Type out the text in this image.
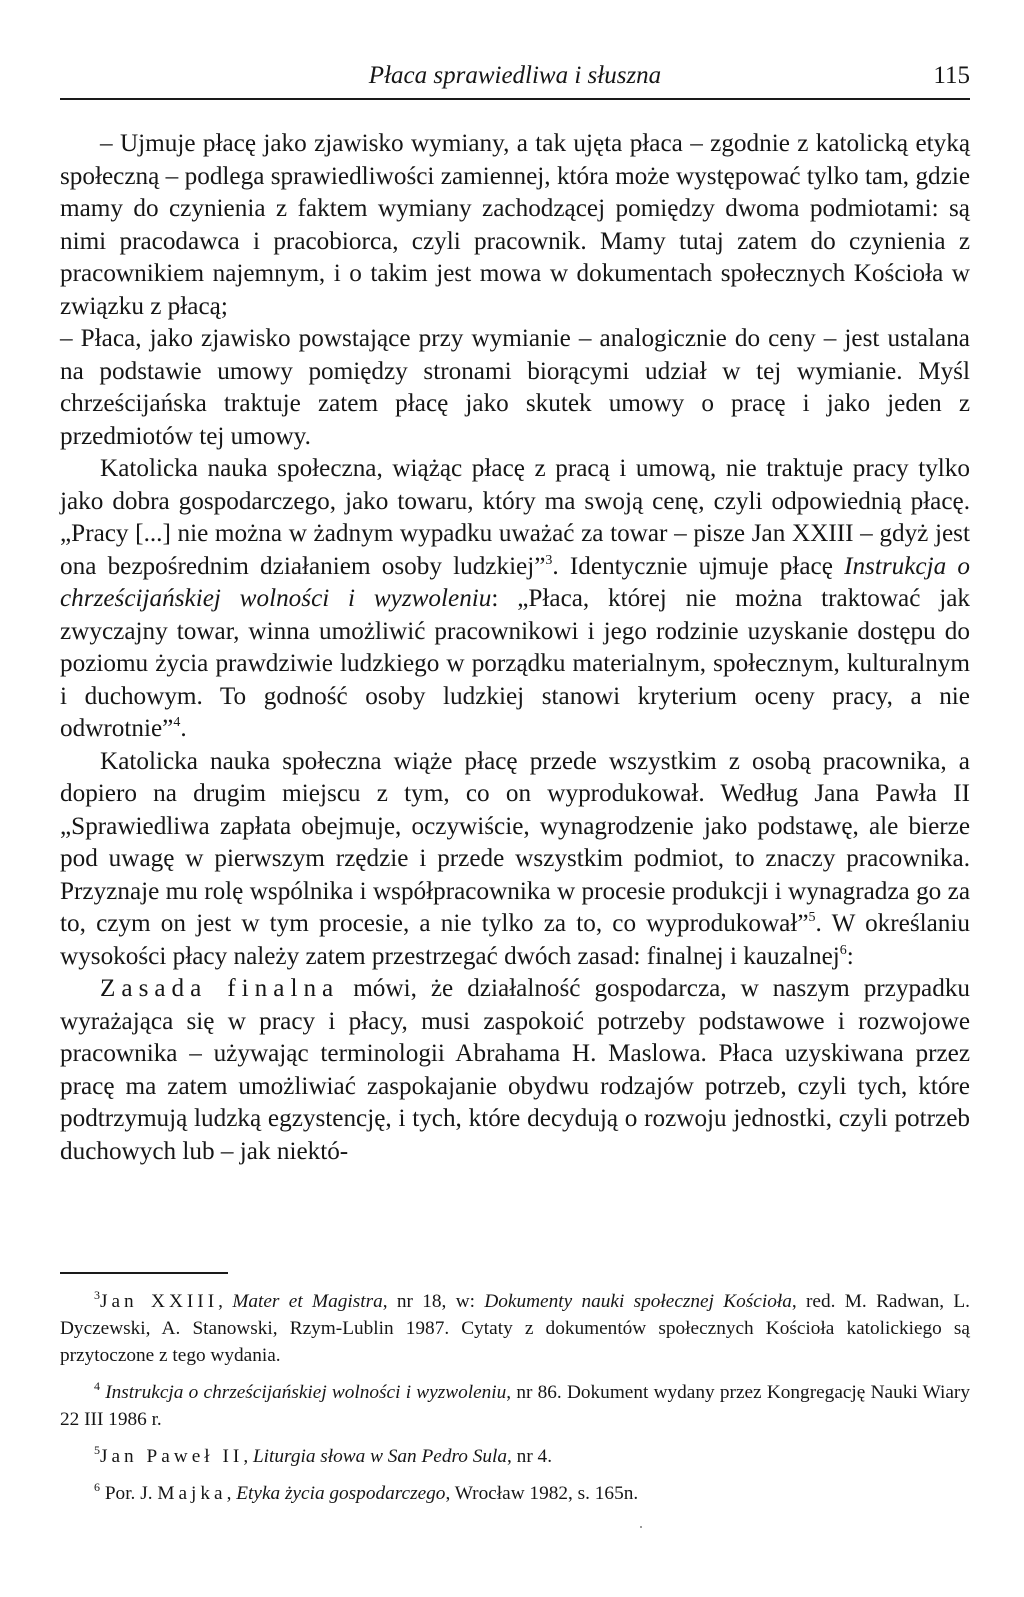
Płaca sprawiedliwa i słuszna	115

– Ujmuje płacę jako zjawisko wymiany, a tak ujęta płaca – zgodnie z katolicką etyką społeczną – podlega sprawiedliwości zamiennej, która może występować tylko tam, gdzie mamy do czynienia z faktem wymiany zachodzącej pomiędzy dwoma podmiotami: są nimi pracodawca i pracobiorca, czyli pracownik. Mamy tutaj zatem do czynienia z pracownikiem najemnym, i o takim jest mowa w dokumentach społecznych Kościoła w związku z płacą;

– Płaca, jako zjawisko powstające przy wymianie – analogicznie do ceny – jest ustalana na podstawie umowy pomiędzy stronami biorącymi udział w tej wymianie. Myśl chrześcijańska traktuje zatem płacę jako skutek umowy o pracę i jako jeden z przedmiotów tej umowy.

Katolicka nauka społeczna, wiążąc płacę z pracą i umową, nie traktuje pracy tylko jako dobra gospodarczego, jako towaru, który ma swoją cenę, czyli odpowiednią płacę. „Pracy [...] nie można w żadnym wypadku uważać za towar – pisze Jan XXIII – gdyż jest ona bezpośrednim działaniem osoby ludzkiej”$^3$. Identycznie ujmuje płacę Instrukcja o chrześcijańskiej wolności i wyzwoleniu: „Płaca, której nie można traktować jak zwyczajny towar, winna umożliwić pracownikowi i jego rodzinie uzyskanie dostępu do poziomu życia prawdziwie ludzkiego w porządku materialnym, społecznym, kulturalnym i duchowym. To godność osoby ludzkiej stanowi kryterium oceny pracy, a nie odwrotnie”$^4$.

Katolicka nauka społeczna wiąże płacę przede wszystkim z osobą pracownika, a dopiero na drugim miejscu z tym, co on wyprodukował. Według Jana Pawła II „Sprawiedliwa zapłata obejmuje, oczywiście, wynagrodzenie jako podstawę, ale bierze pod uwagę w pierwszym rzędzie i przede wszystkim podmiot, to znaczy pracownika. Przyznaje mu rolę wspólnika i współpracownika w procesie produkcji i wynagradza go za to, czym on jest w tym procesie, a nie tylko za to, co wyprodukował”$^5$. W określaniu wysokości płacy należy zatem przestrzegać dwóch zasad: finalnej i kauzalnej$^6$:

Zasada finalna mówi, że działalność gospodarcza, w naszym przypadku wyrażająca się w pracy i płacy, musi zaspokoić potrzeby podstawowe i rozwojowe pracownika – używając terminologii Abrahama H. Maslowa. Płaca uzyskiwana przez pracę ma zatem umożliwiać zaspokajanie obydwu rodzajów potrzeb, czyli tych, które podtrzymują ludzką egzystencję, i tych, które decydują o rozwoju jednostki, czyli potrzeb duchowych lub – jak niektó-

$^3$Jan XXIII, Mater et Magistra, nr 18, w: Dokumenty nauki społecznej Kościoła, red. M. Radwan, L. Dyczewski, A. Stanowski, Rzym-Lublin 1987. Cytaty z dokumentów społecznych Kościoła katolickiego są przytoczone z tego wydania.

$^4$ Instrukcja o chrześcijańskiej wolności i wyzwoleniu, nr 86. Dokument wydany przez Kongregację Nauki Wiary 22 III 1986 r.

$^5$Jan Paweł II, Liturgia słowa w San Pedro Sula, nr 4.

$^6$ Por. J. Majka, Etyka życia gospodarczego, Wrocław 1982, s. 165n.
